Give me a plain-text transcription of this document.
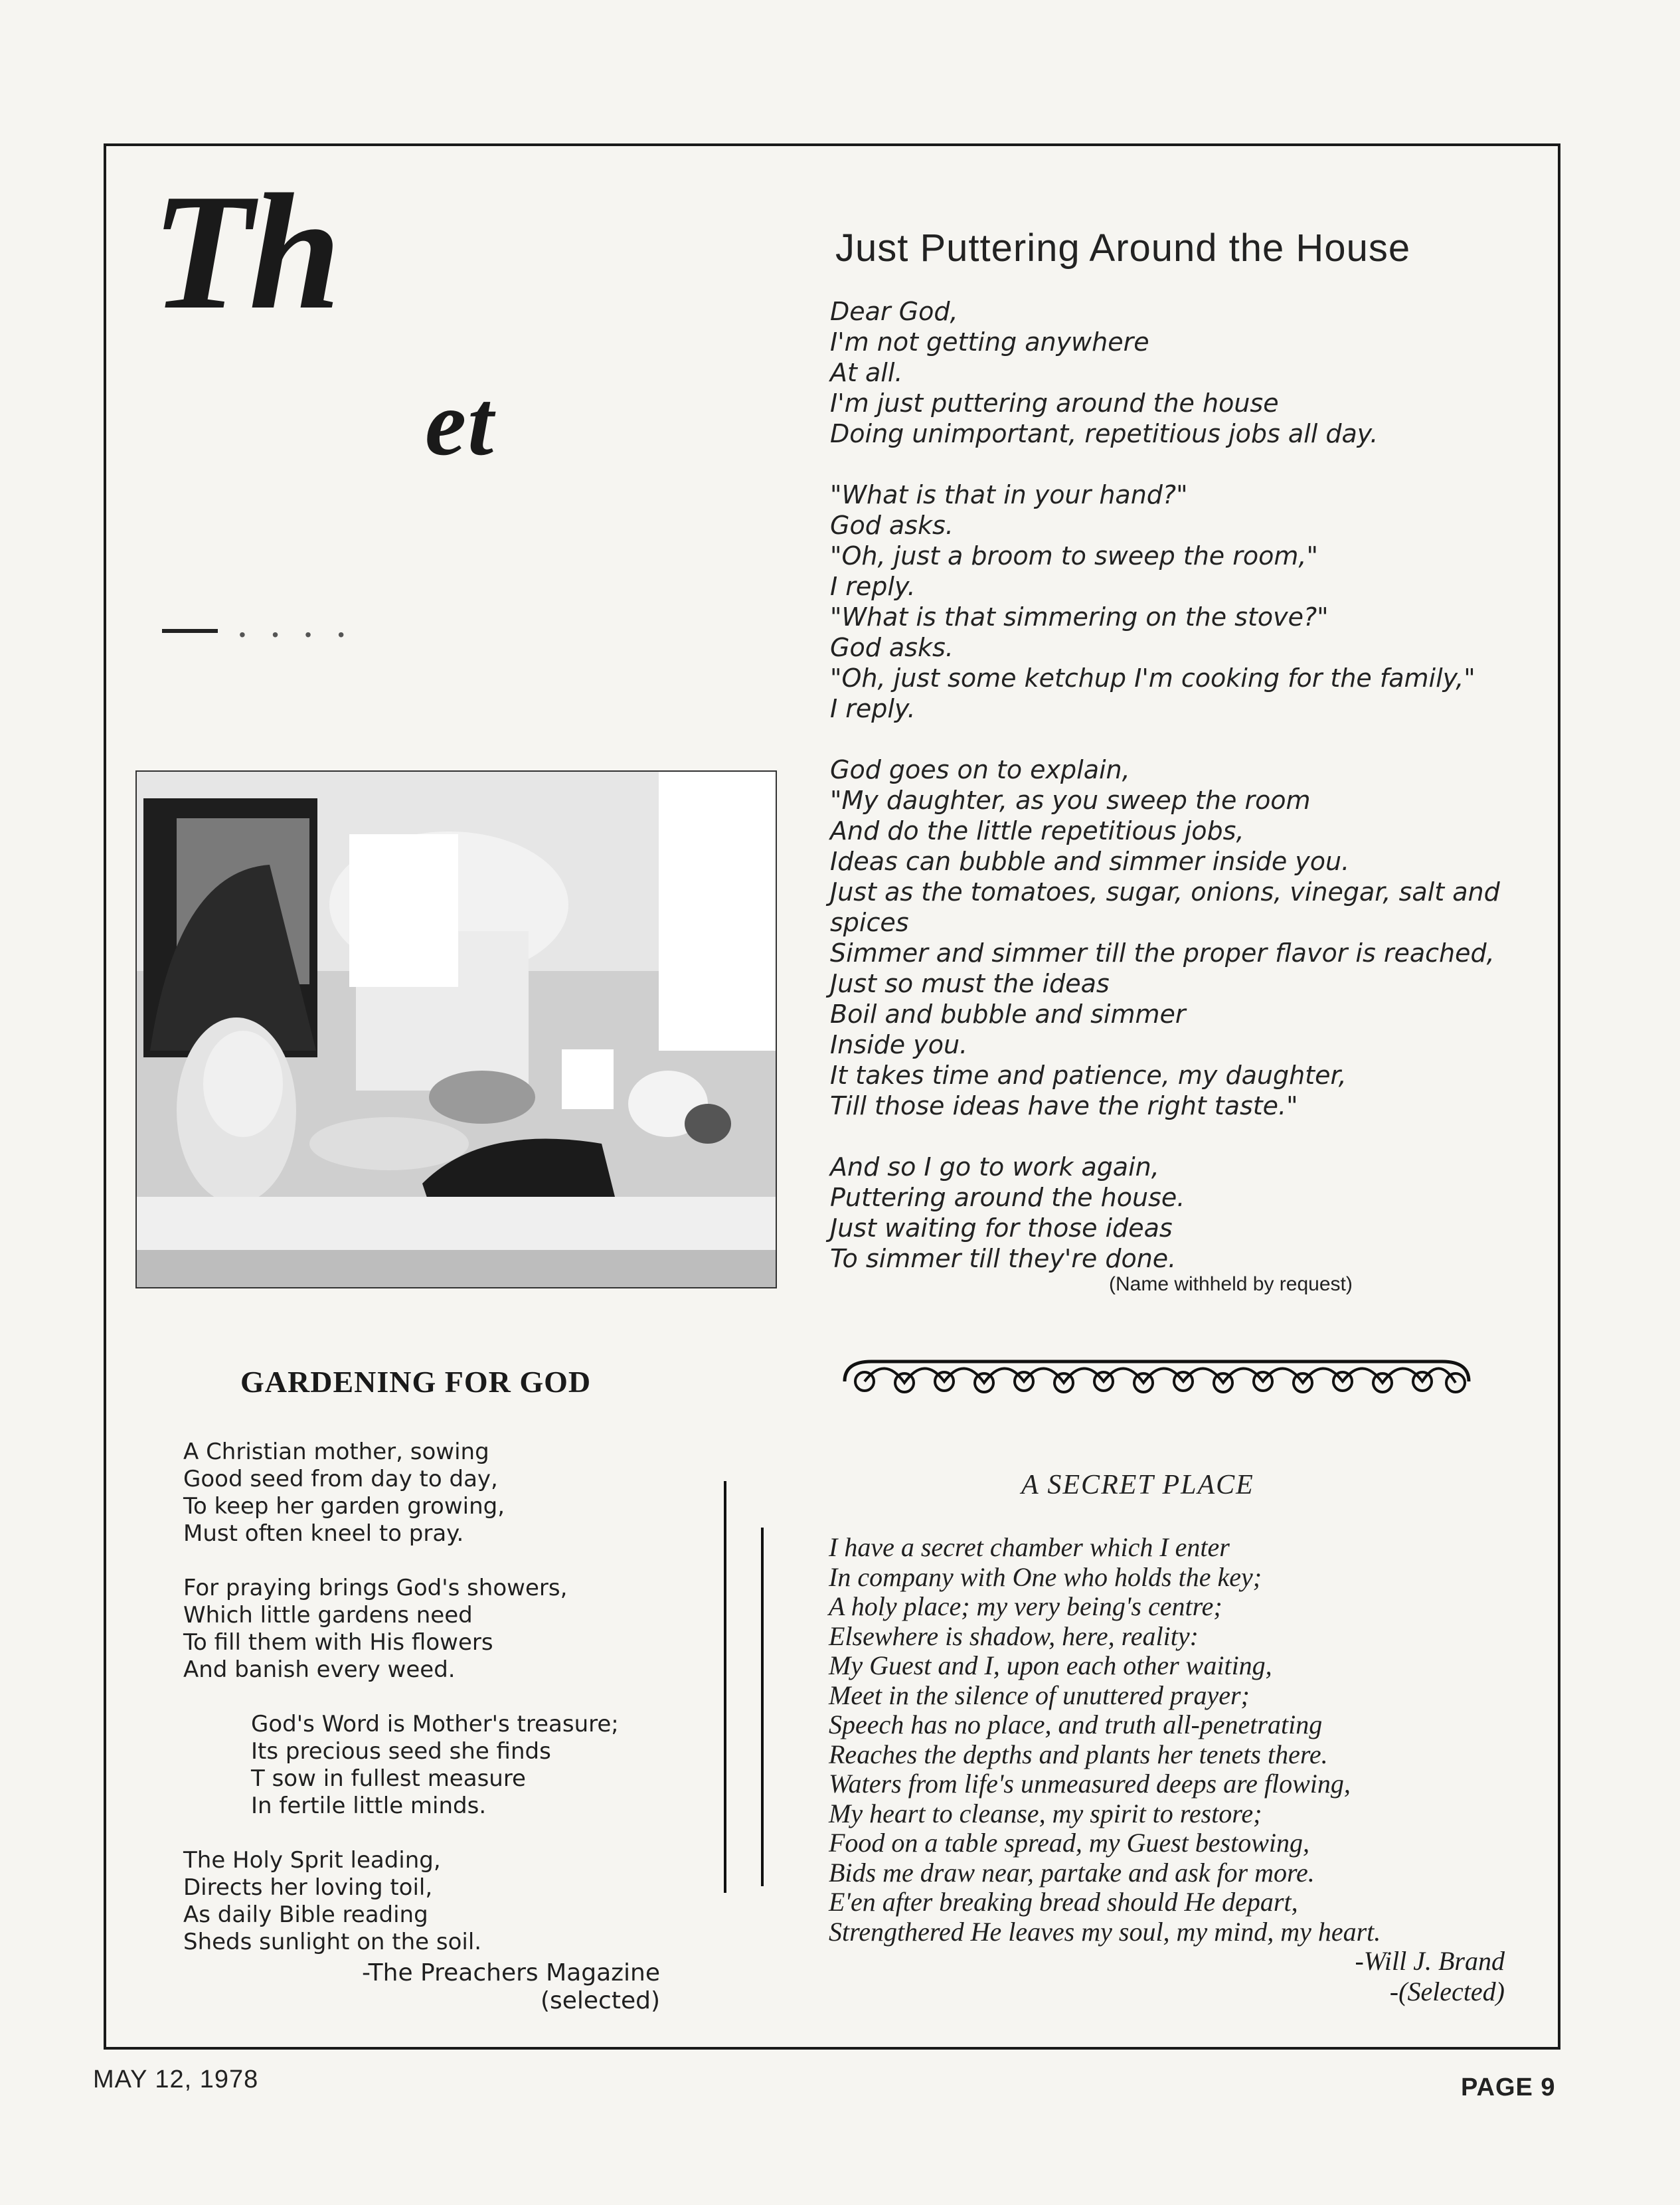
Th
et
• • • •
Just Puttering Around the House
Dear God,
I'm not getting anywhere
At all.
I'm just puttering around the house
Doing unimportant, repetitious jobs all day.
"What is that in your hand?"
God asks.
"Oh, just a broom to sweep the room,"
I reply.
"What is that simmering on the stove?"
God asks.
"Oh, just some ketchup I'm cooking for the family,"
I reply.
God goes on to explain,
"My daughter, as you sweep the room
And do the little repetitious jobs,
Ideas can bubble and simmer inside you.
Just as the tomatoes, sugar, onions, vinegar, salt and
spices
Simmer and simmer till the proper flavor is reached,
Just so must the ideas
Boil and bubble and simmer
Inside you.
It takes time and patience, my daughter,
Till those ideas have the right taste."
And so I go to work again,
Puttering around the house.
Just waiting for those ideas
To simmer till they're done.
(Name withheld by request)
GARDENING FOR GOD
A Christian mother, sowing
Good seed from day to day,
To keep her garden growing,
Must often kneel to pray.
For praying brings God's showers,
Which little gardens need
To fill them with His flowers
And banish every weed.
God's Word is Mother's treasure;
Its precious seed she finds
T sow in fullest measure
In fertile little minds.
The Holy Sprit leading,
Directs her loving toil,
As daily Bible reading
Sheds sunlight on the soil.
-The Preachers Magazine
(selected)
A SECRET PLACE
I have a secret chamber which I enter
In company with One who holds the key;
A holy place; my very being's centre;
Elsewhere is shadow, here, reality:
My Guest and I, upon each other waiting,
Meet in the silence of unuttered prayer;
Speech has no place, and truth all-penetrating
Reaches the depths and plants her tenets there.
Waters from life's unmeasured deeps are flowing,
My heart to cleanse, my spirit to restore;
Food on a table spread, my Guest bestowing,
Bids me draw near, partake and ask for more.
E'en after breaking bread should He depart,
Strengthered He leaves my soul, my mind, my heart.
-Will J. Brand
-(Selected)
MAY 12, 1978	PAGE 9
